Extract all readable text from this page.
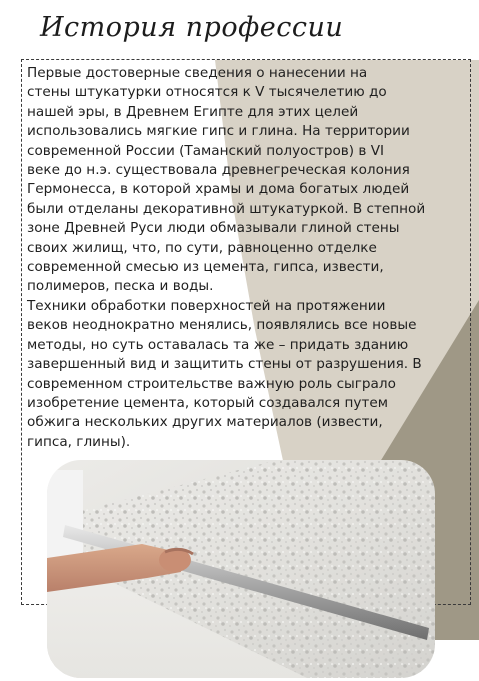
История профессии
Первые достоверные сведения о нанесении на
стены штукатурки относятся к V тысячелетию до
нашей эры, в Древнем Египте для этих целей
использовались мягкие гипс и глина. На территории
современной России (Таманский полуостров) в VI
веке до н.э. существовала древнегреческая колония
Гермонесса, в которой храмы и дома богатых людей
были отделаны декоративной штукатуркой. В степной
зоне Древней Руси люди обмазывали глиной стены
своих жилищ, что, по сути, равноценно отделке
современной смесью из цемента, гипса, извести,
полимеров, песка и воды.
Техники обработки поверхностей на протяжении
веков неоднократно менялись, появлялись все новые
методы, но суть оставалась та же – придать зданию
завершенный вид и защитить стены от разрушения. В
современном строительстве важную роль сыграло
изобретение цемента, который создавался путем
обжига нескольких других материалов (извести,
гипса, глины).
